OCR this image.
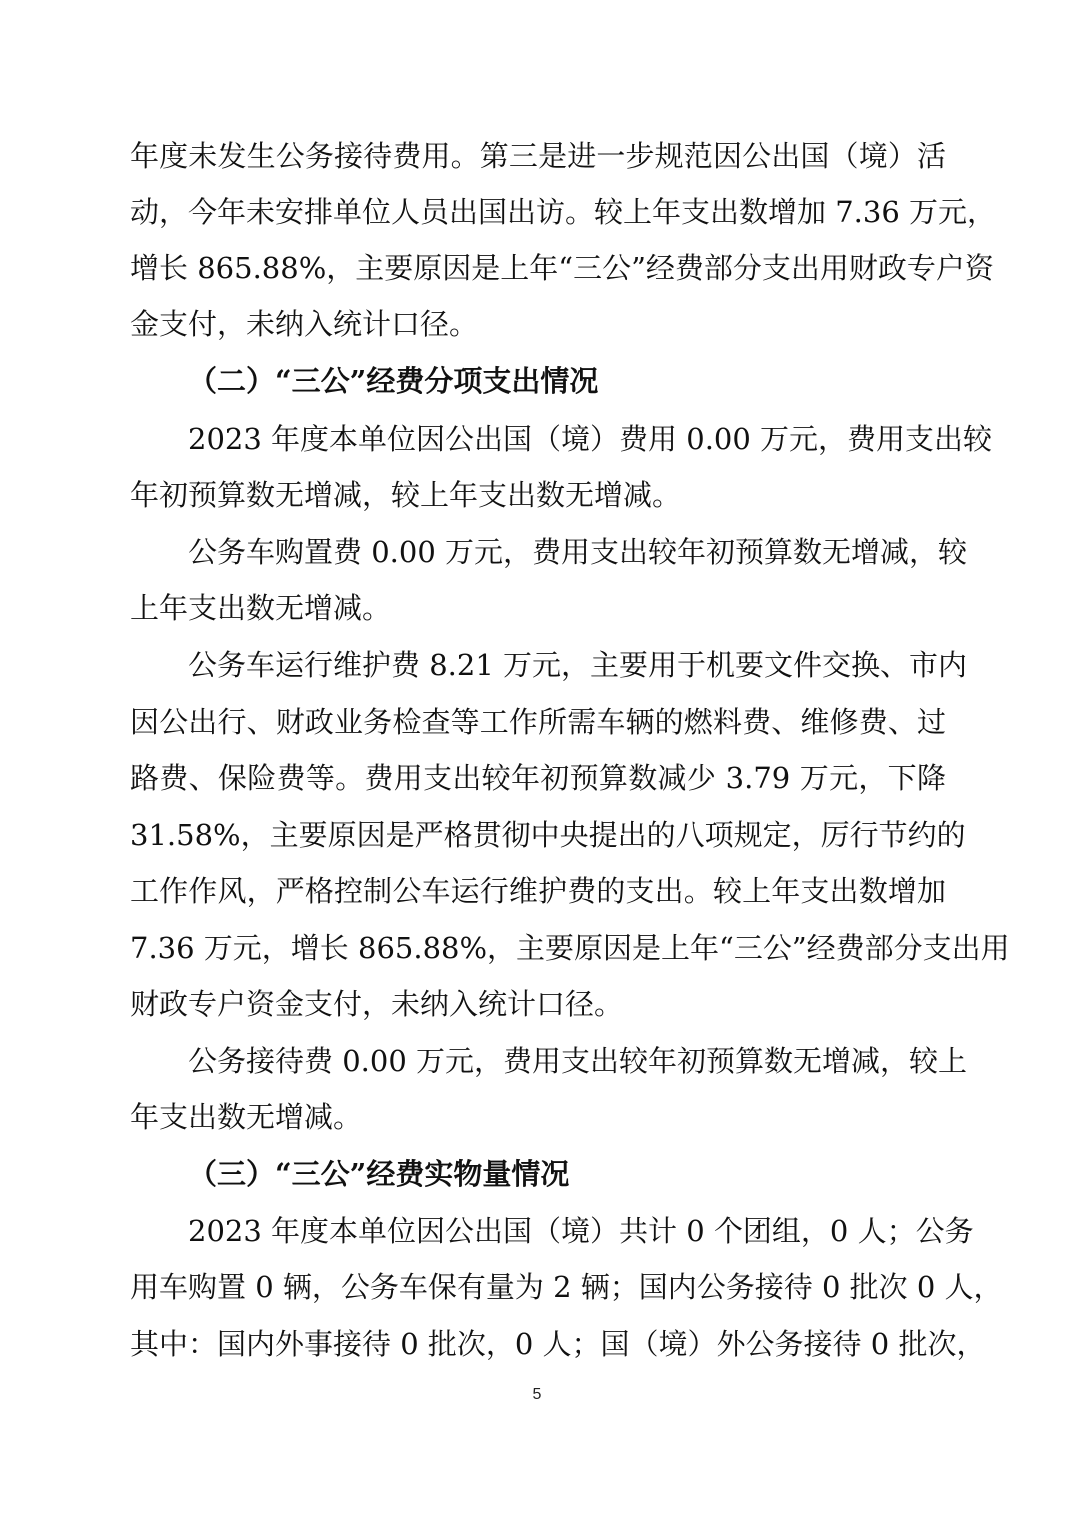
年度未发生公务接待费用。第三是进一步规范因公出国（境）活
动，今年未安排单位人员出国出访。较上年支出数增加 7.36 万元，
增长 865.88%，主要原因是上年“三公”经费部分支出用财政专户资
金支付，未纳入统计口径。
（二）“三公”经费分项支出情况
2023 年度本单位因公出国（境）费用 0.00 万元，费用支出较
年初预算数无增减，较上年支出数无增减。
公务车购置费 0.00 万元，费用支出较年初预算数无增减，较
上年支出数无增减。
公务车运行维护费 8.21 万元，主要用于机要文件交换、市内
因公出行、财政业务检查等工作所需车辆的燃料费、维修费、过
路费、保险费等。费用支出较年初预算数减少 3.79 万元，下降
31.58%，主要原因是严格贯彻中央提出的八项规定，厉行节约的
工作作风，严格控制公车运行维护费的支出。较上年支出数增加
7.36 万元，增长 865.88%，主要原因是上年“三公”经费部分支出用
财政专户资金支付，未纳入统计口径。
公务接待费 0.00 万元，费用支出较年初预算数无增减，较上
年支出数无增减。
（三）“三公”经费实物量情况
2023 年度本单位因公出国（境）共计 0 个团组，0 人；公务
用车购置 0 辆，公务车保有量为 2 辆；国内公务接待 0 批次 0 人，
其中：国内外事接待 0 批次，0 人；国（境）外公务接待 0 批次，
5
